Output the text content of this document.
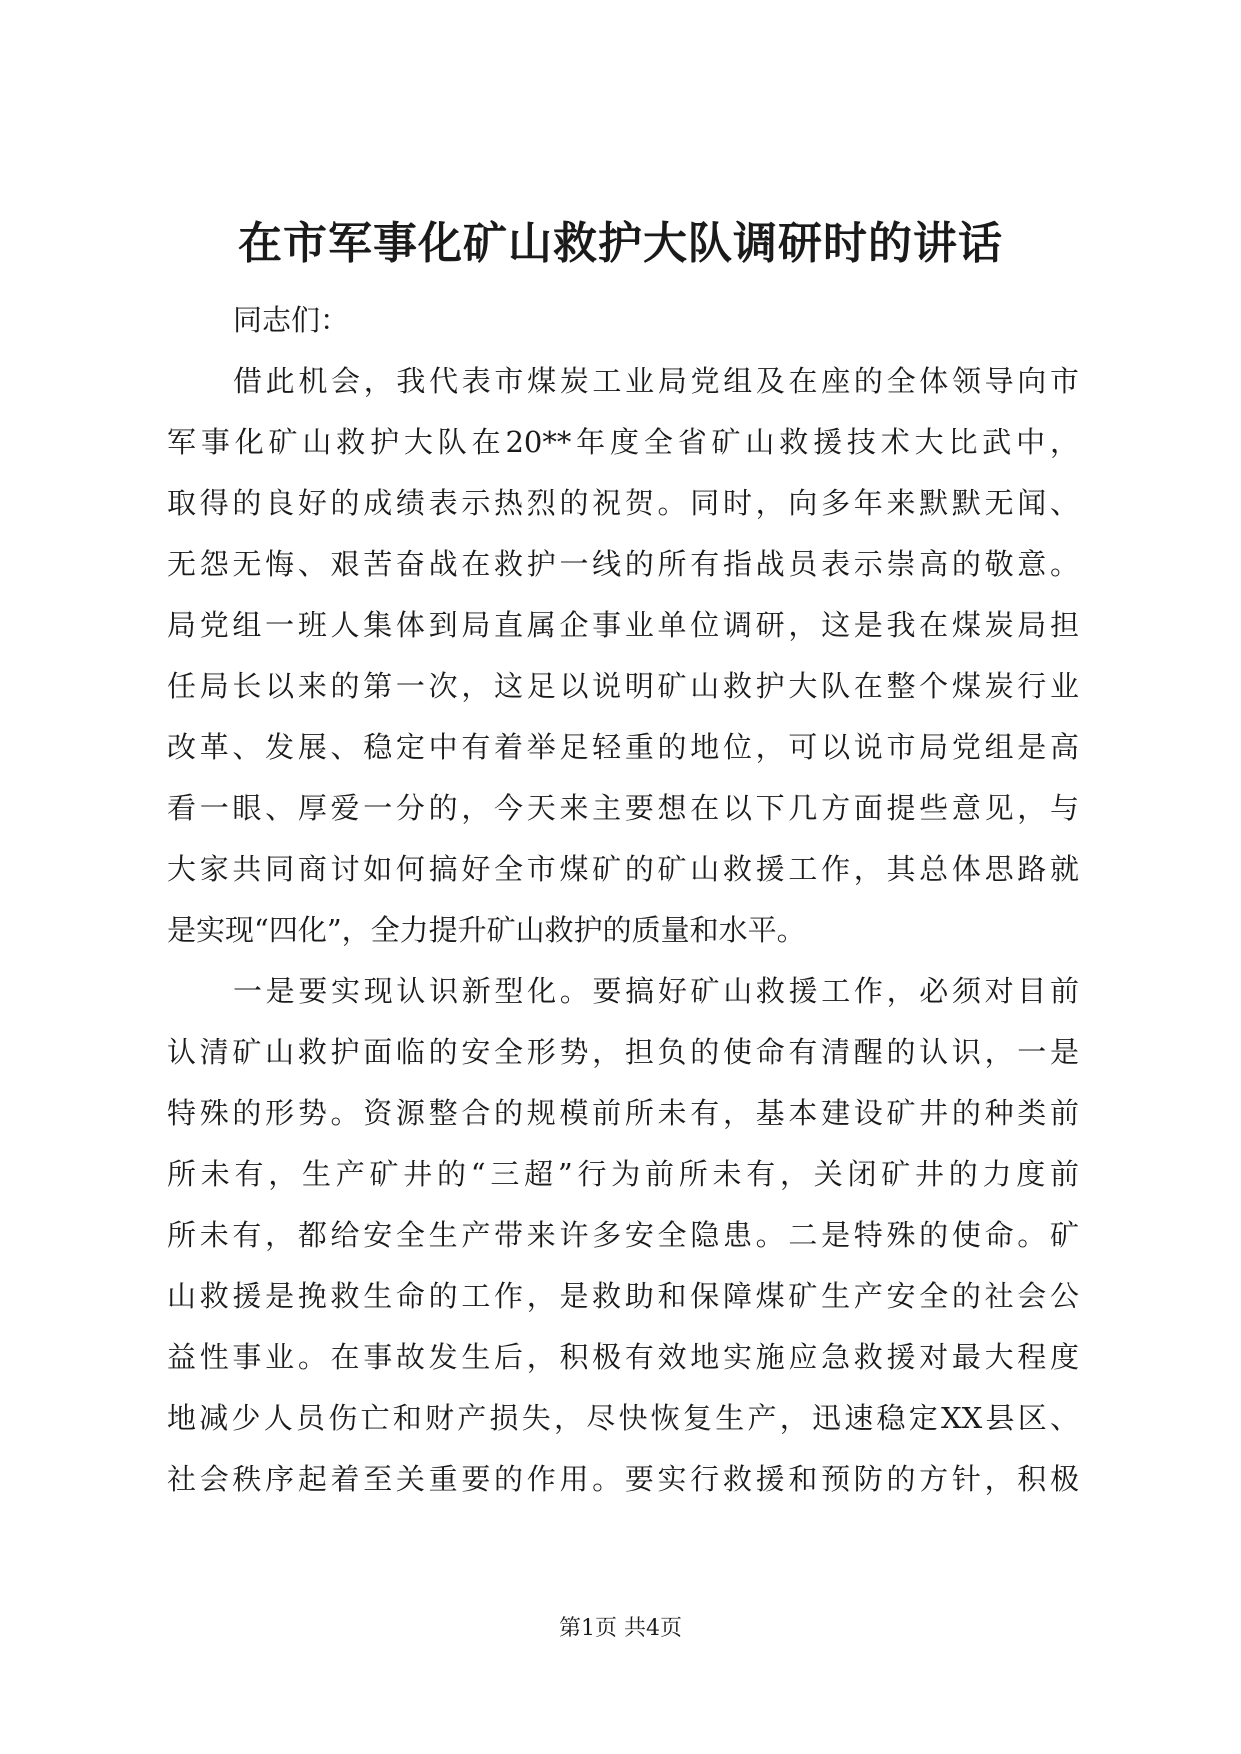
在市军事化矿山救护大队调研时的讲话
同志们：
借此机会，我代表市煤炭工业局党组及在座的全体领导向市
军事化矿山救护大队在20**年度全省矿山救援技术大比武中，
取得的良好的成绩表示热烈的祝贺。同时，向多年来默默无闻、
无怨无悔、艰苦奋战在救护一线的所有指战员表示崇高的敬意。
局党组一班人集体到局直属企事业单位调研，这是我在煤炭局担
任局长以来的第一次，这足以说明矿山救护大队在整个煤炭行业
改革、发展、稳定中有着举足轻重的地位，可以说市局党组是高
看一眼、厚爱一分的，今天来主要想在以下几方面提些意见，与
大家共同商讨如何搞好全市煤矿的矿山救援工作，其总体思路就
是实现“四化”，全力提升矿山救护的质量和水平。
一是要实现认识新型化。要搞好矿山救援工作，必须对目前
认清矿山救护面临的安全形势，担负的使命有清醒的认识，一是
特殊的形势。资源整合的规模前所未有，基本建设矿井的种类前
所未有，生产矿井的“三超”行为前所未有，关闭矿井的力度前
所未有，都给安全生产带来许多安全隐患。二是特殊的使命。矿
山救援是挽救生命的工作，是救助和保障煤矿生产安全的社会公
益性事业。在事故发生后，积极有效地实施应急救援对最大程度
地减少人员伤亡和财产损失，尽快恢复生产，迅速稳定XX县区、
社会秩序起着至关重要的作用。要实行救援和预防的方针，积极
第1页 共4页
